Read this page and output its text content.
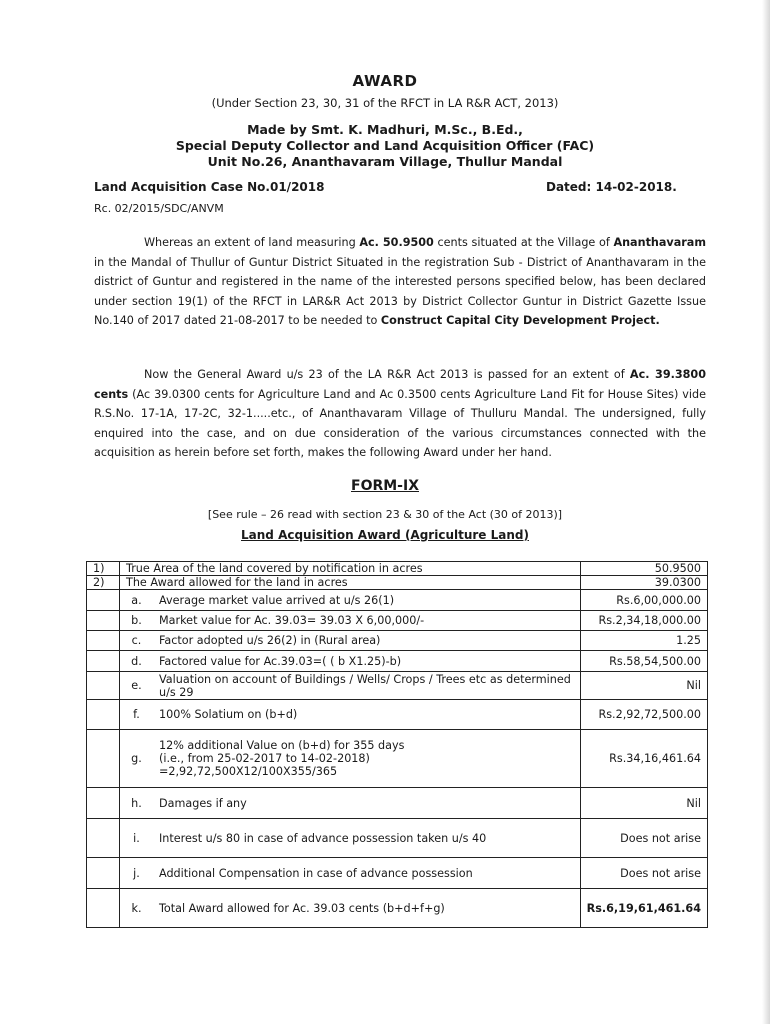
AWARD
(Under Section 23, 30, 31 of the RFCT in LA R&R ACT, 2013)
Made by Smt. K. Madhuri, M.Sc., B.Ed.,
Special Deputy Collector and Land Acquisition Officer (FAC)
Unit No.26, Ananthavaram Village, Thullur Mandal
Land Acquisition Case No.01/2018	Dated: 14-02-2018.
Rc. 02/2015/SDC/ANVM

Whereas an extent of land measuring Ac. 50.9500 cents situated at the Village of Ananthavaram in the Mandal of Thullur of Guntur District Situated in the registration Sub - District of Ananthavaram in the district of Guntur and registered in the name of the interested persons specified below, has been declared under section 19(1) of the RFCT in LAR&R Act 2013 by District Collector Guntur in District Gazette Issue No.140 of 2017 dated 21-08-2017 to be needed to Construct Capital City Development Project.

Now the General Award u/s 23 of the LA R&R Act 2013 is passed for an extent of Ac. 39.3800 cents (Ac 39.0300 cents for Agriculture Land and Ac 0.3500 cents Agriculture Land Fit for House Sites) vide R.S.No. 17-1A, 17-2C, 32-1.....etc., of Ananthavaram Village of Thulluru Mandal. The undersigned, fully enquired into the case, and on due consideration of the various circumstances connected with the acquisition as herein before set forth, makes the following Award under her hand.

FORM-IX
[See rule – 26 read with section 23 & 30 of the Act (30 of 2013)]
Land Acquisition Award (Agriculture Land)
1)	True Area of the land covered by notification in acres		50.9500
2)	The Award allowed for the land in acres		39.0300
	a.	Average market value arrived at u/s 26(1)	Rs.6,00,000.00
	b.	Market value for Ac. 39.03= 39.03 X 6,00,000/-	Rs.2,34,18,000.00
	c.	Factor adopted u/s 26(2) in (Rural area)	1.25
	d.	Factored value for Ac.39.03=( ( b X1.25)-b)	Rs.58,54,500.00
	e.	Valuation on account of Buildings / Wells/ Crops / Trees etc as determined u/s 29	Nil
	f.	100% Solatium on (b+d)	Rs.2,92,72,500.00
	g.	12% additional Value on (b+d) for 355 days
(i.e., from 25-02-2017 to 14-02-2018)
=2,92,72,500X12/100X355/365	Rs.34,16,461.64
	h.	Damages if any	Nil
	i.	Interest u/s 80 in case of advance possession taken u/s 40	Does not arise
	j.	Additional Compensation in case of advance possession	Does not arise
	k.	Total Award allowed for Ac. 39.03 cents (b+d+f+g)	Rs.6,19,61,461.64
